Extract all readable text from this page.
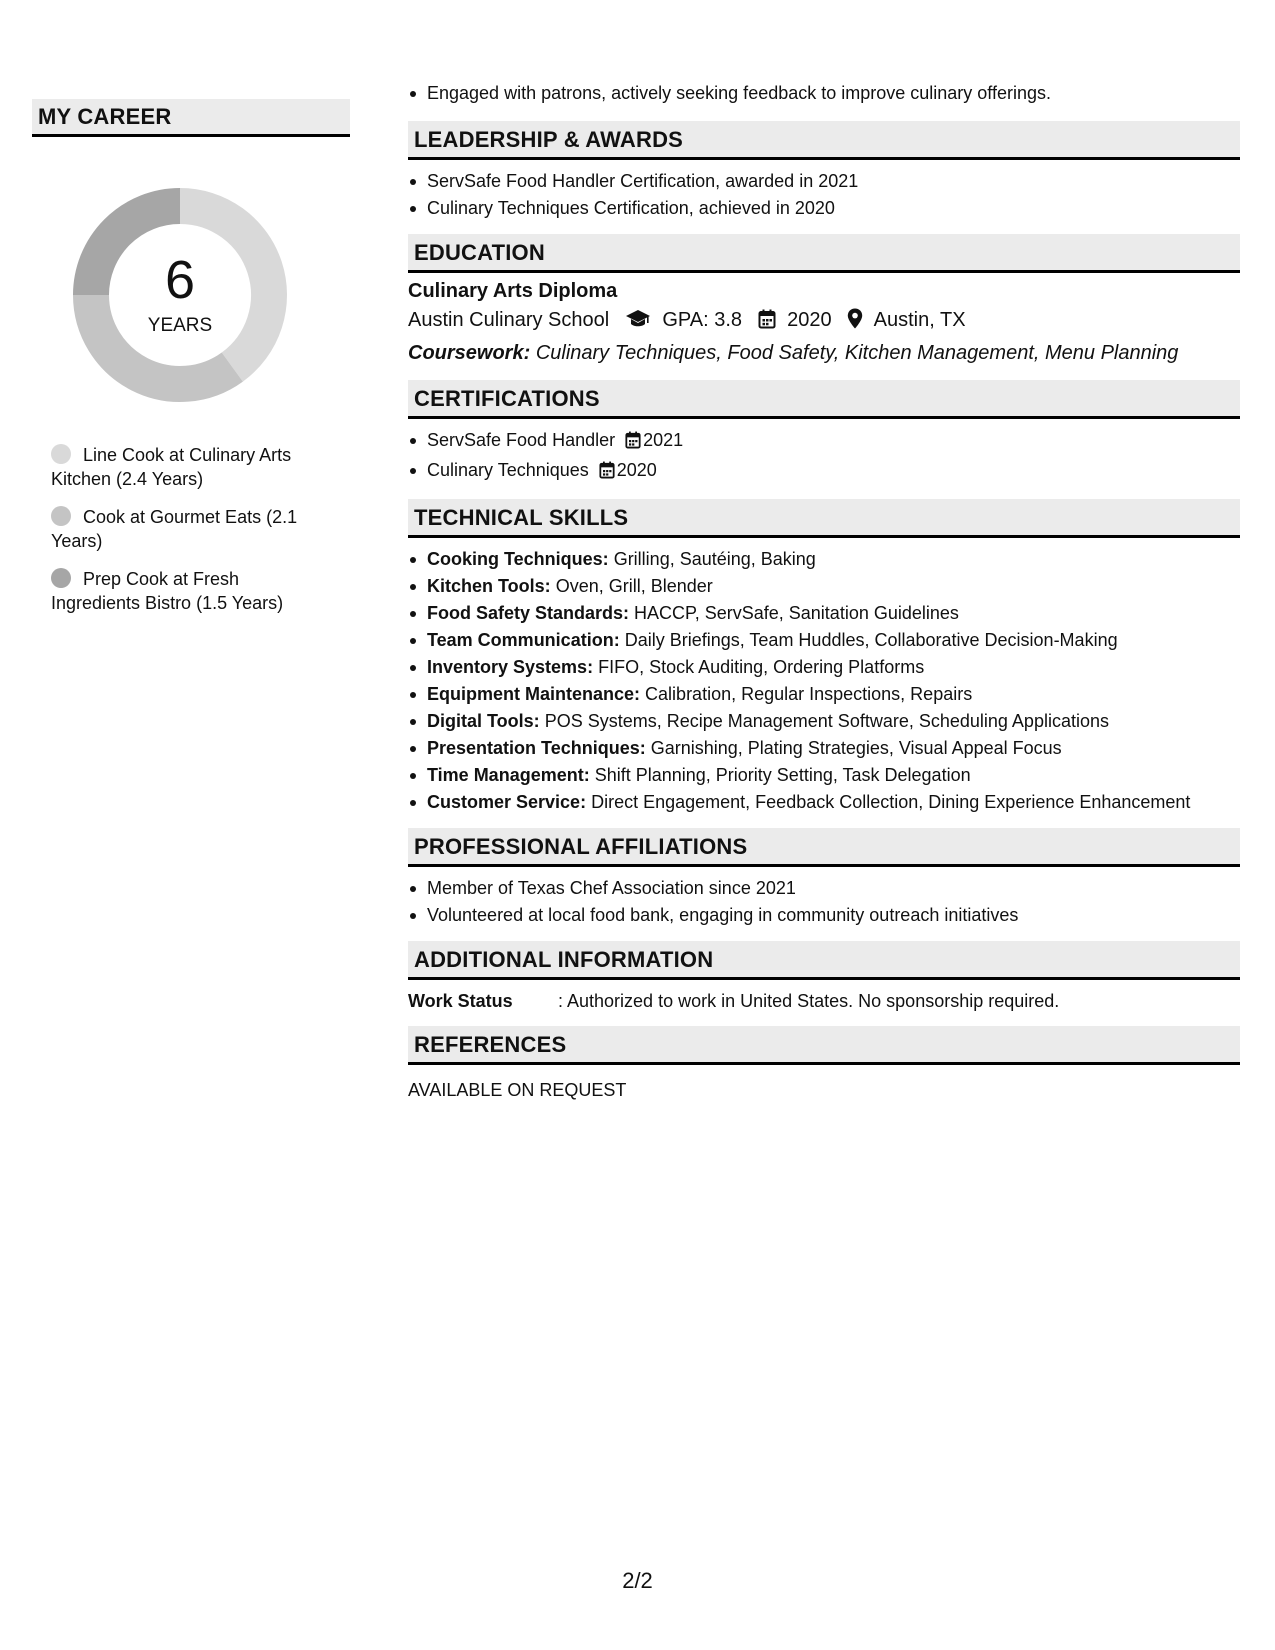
MY CAREER
6
YEARS
Line Cook at Culinary Arts Kitchen (2.4 Years)
Cook at Gourmet Eats (2.1 Years)
Prep Cook at Fresh Ingredients Bistro (1.5 Years)
Engaged with patrons, actively seeking feedback to improve culinary offerings.
LEADERSHIP & AWARDS
ServSafe Food Handler Certification, awarded in 2021
Culinary Techniques Certification, achieved in 2020
EDUCATION
Culinary Arts Diploma
Austin Culinary School	GPA: 3.8 2020 Austin, TX
Coursework: Culinary Techniques, Food Safety, Kitchen Management, Menu Planning
CERTIFICATIONS
ServSafe Food Handler 2021
Culinary Techniques 2020
TECHNICAL SKILLS
Cooking Techniques: Grilling, Sautéing, Baking
Kitchen Tools: Oven, Grill, Blender
Food Safety Standards: HACCP, ServSafe, Sanitation Guidelines
Team Communication: Daily Briefings, Team Huddles, Collaborative Decision-Making
Inventory Systems: FIFO, Stock Auditing, Ordering Platforms
Equipment Maintenance: Calibration, Regular Inspections, Repairs
Digital Tools: POS Systems, Recipe Management Software, Scheduling Applications
Presentation Techniques: Garnishing, Plating Strategies, Visual Appeal Focus
Time Management: Shift Planning, Priority Setting, Task Delegation
Customer Service: Direct Engagement, Feedback Collection, Dining Experience Enhancement
PROFESSIONAL AFFILIATIONS
Member of Texas Chef Association since 2021
Volunteered at local food bank, engaging in community outreach initiatives
ADDITIONAL INFORMATION
Work Status	: Authorized to work in United States. No sponsorship required.
REFERENCES
AVAILABLE ON REQUEST
2/2
